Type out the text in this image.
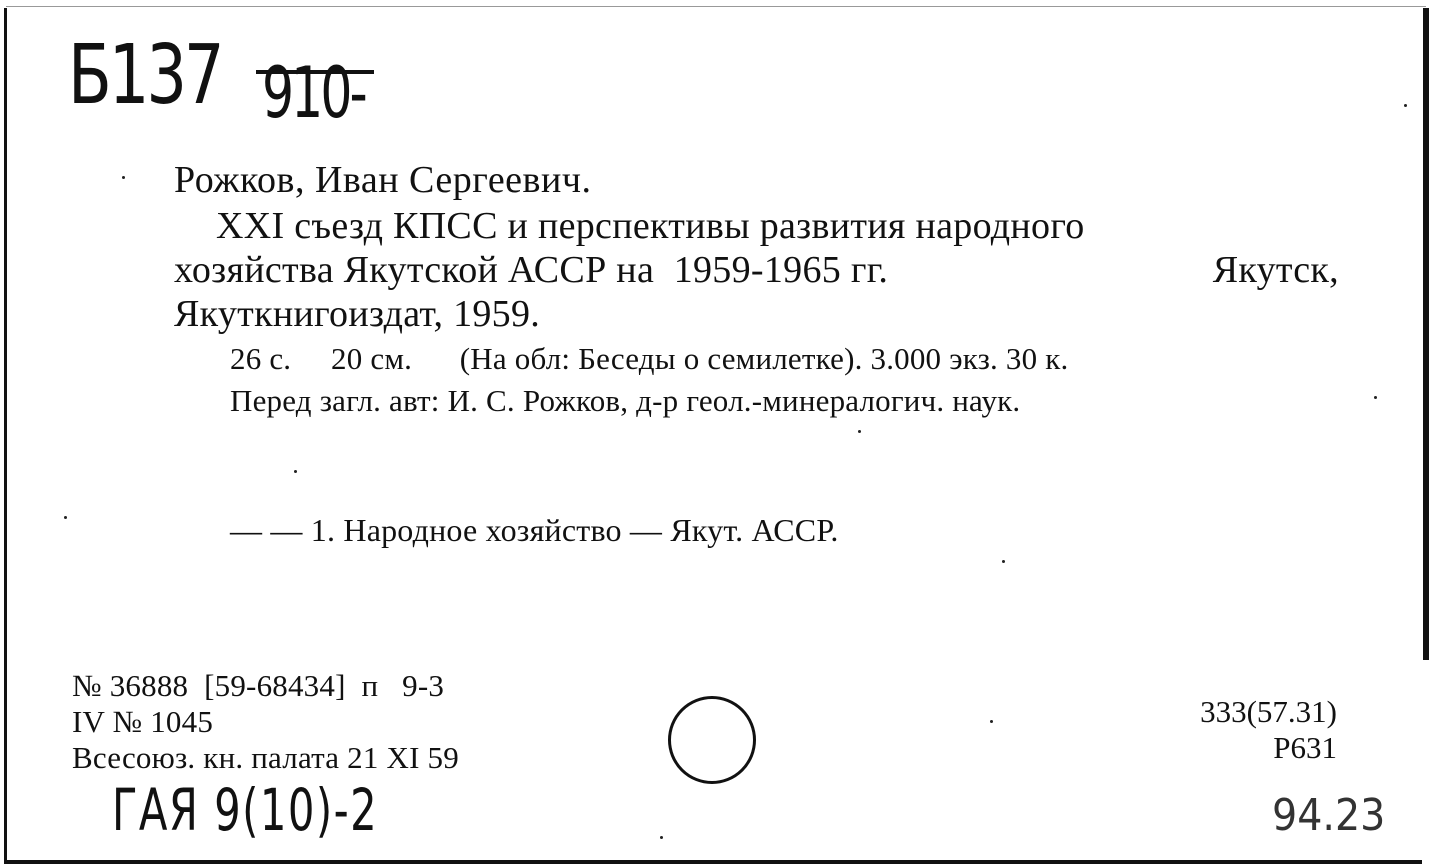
Б137 910-
Рожков, Иван Сергеевич.
XXI съезд КПСС и перспективы развития народного
хозяйства Якутской АССР на  1959-1965 гг.	Якутск,
Якуткнигоиздат, 1959.
26 с.     20 см.      (На обл: Беседы о семилетке). 3.000 экз. 30 к.
Перед загл. авт: И. С. Рожков, д-р геол.-минералогич. наук.
— — 1. Народное хозяйство — Якут. АССР.
№ 36888  [59-68434]  п   9-3
IV № 1045
Всесоюз. кн. палата 21 XI 59
333(57.31)
Р631
ГАЯ 9(10)-2	94.23
